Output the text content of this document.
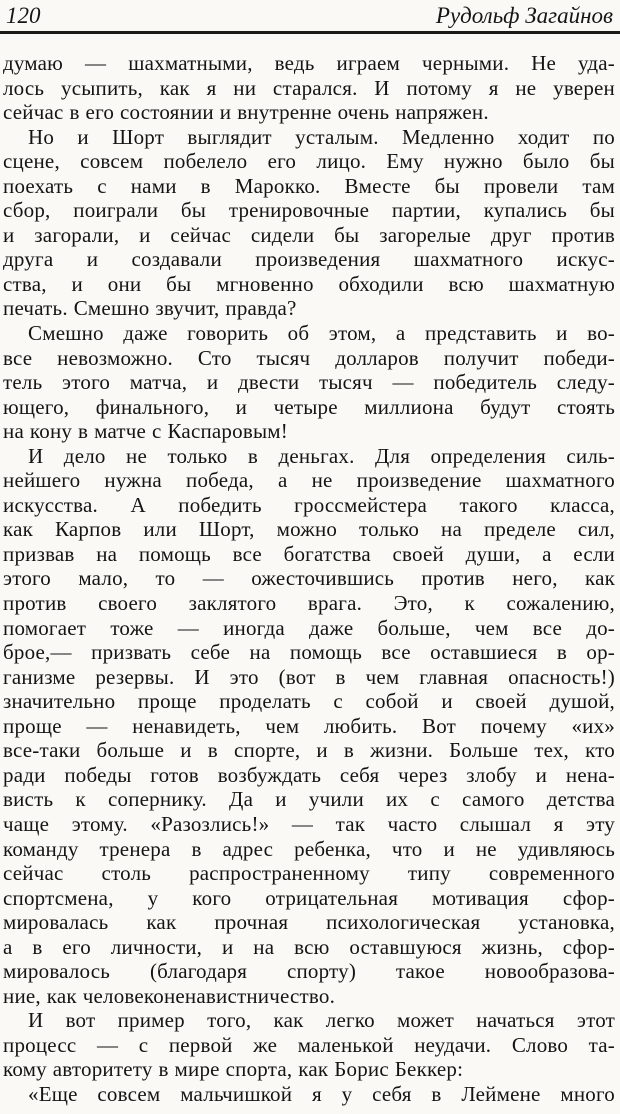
120	Рудольф Загайнов
думаю — шахматными, ведь играем черными. Не уда-
лось усыпить, как я ни старался. И потому я не уверен
сейчас в его состоянии и внутренне очень напряжен.
Но и Шорт выглядит усталым. Медленно ходит по
сцене, совсем побелело его лицо. Ему нужно было бы
поехать с нами в Марокко. Вместе бы провели там
сбор, поиграли бы тренировочные партии, купались бы
и загорали, и сейчас сидели бы загорелые друг против
друга и создавали произведения шахматного искус-
ства, и они бы мгновенно обходили всю шахматную
печать. Смешно звучит, правда?
Смешно даже говорить об этом, а представить и во-
все невозможно. Сто тысяч долларов получит победи-
тель этого матча, и двести тысяч — победитель следу-
ющего, финального, и четыре миллиона будут стоять
на кону в матче с Каспаровым!
И дело не только в деньгах. Для определения силь-
нейшего нужна победа, а не произведение шахматного
искусства. А победить гроссмейстера такого класса,
как Карпов или Шорт, можно только на пределе сил,
призвав на помощь все богатства своей души, а если
этого мало, то — ожесточившись против него, как
против своего заклятого врага. Это, к сожалению,
помогает тоже — иногда даже больше, чем все до-
брое,— призвать себе на помощь все оставшиеся в ор-
ганизме резервы. И это (вот в чем главная опасность!)
значительно проще проделать с собой и своей душой,
проще — ненавидеть, чем любить. Вот почему «их»
все-таки больше и в спорте, и в жизни. Больше тех, кто
ради победы готов возбуждать себя через злобу и нена-
висть к сопернику. Да и учили их с самого детства
чаще этому. «Разозлись!» — так часто слышал я эту
команду тренера в адрес ребенка, что и не удивляюсь
сейчас столь распространенному типу современного
спортсмена, у кого отрицательная мотивация сфор-
мировалась как прочная психологическая установка,
а в его личности, и на всю оставшуюся жизнь, сфор-
мировалось (благодаря спорту) такое новообразова-
ние, как человеконенавистничество.
И вот пример того, как легко может начаться этот
процесс — с первой же маленькой неудачи. Слово та-
кому авторитету в мире спорта, как Борис Беккер:
«Еще совсем мальчишкой я у себя в Леймене много
